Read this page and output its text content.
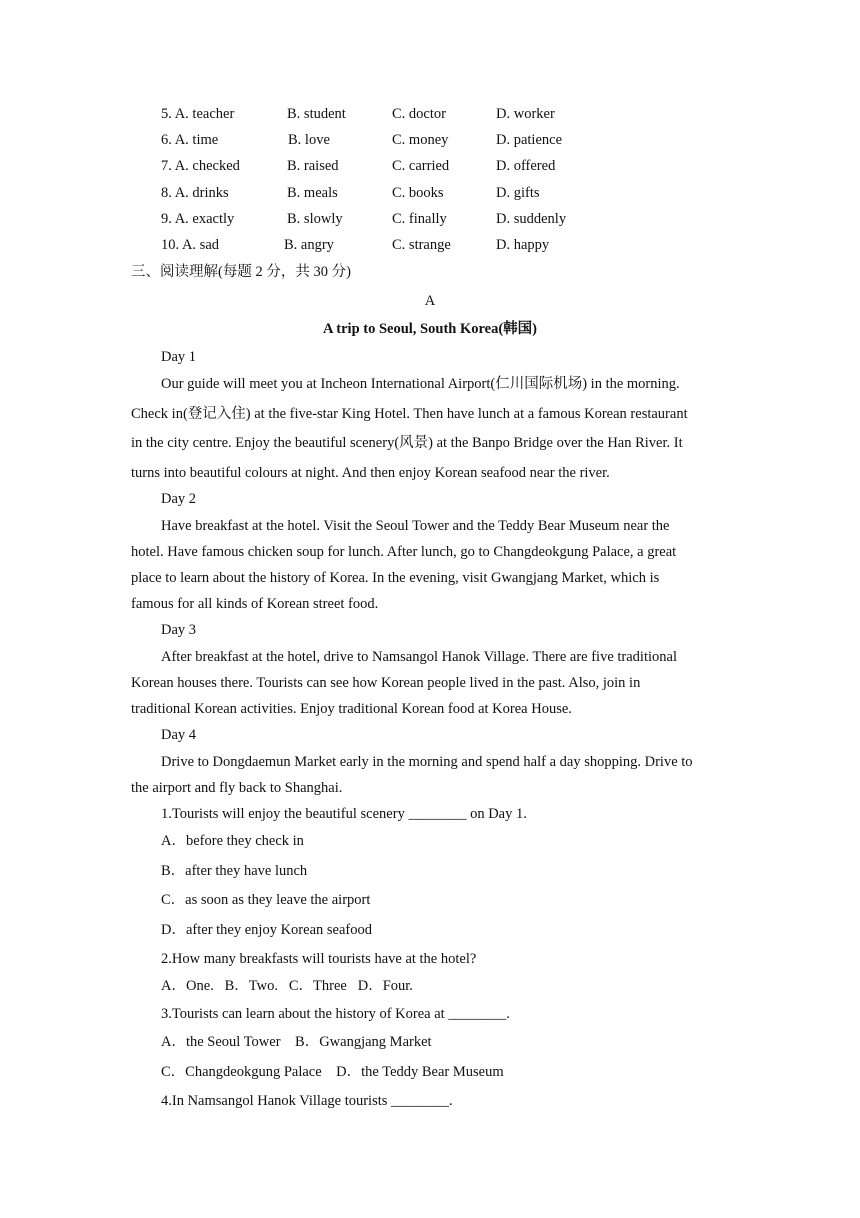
5. A. teacher	B. student	C. doctor	D. worker
6. A. time	B. love	C. money	D. patience
7. A. checked	B. raised	C. carried	D. offered
8. A. drinks	B. meals	C. books	D. gifts
9. A. exactly	B. slowly	C. finally	D. suddenly
10. A. sad	B. angry	C. strange	D. happy
三、阅读理解(每题 2 分，共 30 分)
A
A trip to Seoul, South Korea(韩国)
Day 1
Our guide will meet you at Incheon International Airport(仁川国际机场) in the morning.
Check in(登记入住) at the five-star King Hotel. Then have lunch at a famous Korean restaurant
in the city centre. Enjoy the beautiful scenery(风景) at the Banpo Bridge over the Han River. It
turns into beautiful colours at night. And then enjoy Korean seafood near the river.
Day 2
Have breakfast at the hotel. Visit the Seoul Tower and the Teddy Bear Museum near the
hotel. Have famous chicken soup for lunch. After lunch, go to Changdeokgung Palace, a great
place to learn about the history of Korea. In the evening, visit Gwangjang Market, which is
famous for all kinds of Korean street food.
Day 3
After breakfast at the hotel, drive to Namsangol Hanok Village. There are five traditional
Korean houses there. Tourists can see how Korean people lived in the past. Also, join in
traditional Korean activities. Enjoy traditional Korean food at Korea House.
Day 4
Drive to Dongdaemun Market early in the morning and spend half a day shopping. Drive to
the airport and fly back to Shanghai.
1.Tourists will enjoy the beautiful scenery ________ on Day 1.
A．before they check in
B．after they have lunch
C．as soon as they leave the airport
D．after they enjoy Korean seafood
2.How many breakfasts will tourists have at the hotel?
A．One.   B．Two.   C．Three   D．Four.
3.Tourists can learn about the history of Korea at ________.
A．the Seoul Tower    B．Gwangjang Market
C．Changdeokgung Palace    D．the Teddy Bear Museum
4.In Namsangol Hanok Village tourists ________.
